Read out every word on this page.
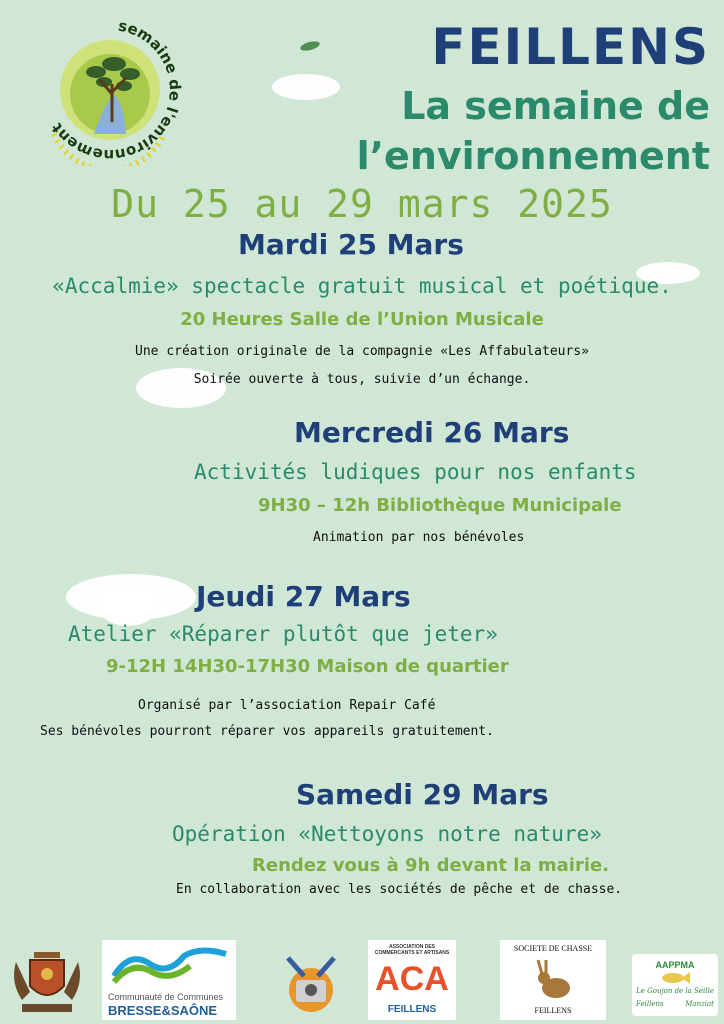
semaine de l'environnement
FEILLENS
La semaine de
l’environnement
Du 25 au 29 mars 2025
Mardi 25 Mars
«Accalmie» spectacle gratuit musical et poétique.
20 Heures Salle de l’Union Musicale
Une création originale de la compagnie «Les Affabulateurs»
Soirée ouverte à tous, suivie d’un échange.
Mercredi 26 Mars
Activités ludiques pour nos enfants
9H30 – 12h Bibliothèque Municipale
Animation par nos bénévoles
Jeudi 27 Mars
Atelier «Réparer plutôt que jeter»
9-12H 14H30-17H30 Maison de quartier
Organisé par l’association Repair Café
Ses bénévoles pourront réparer vos appareils gratuitement.
Samedi 29 Mars
Opération «Nettoyons notre nature»
Rendez vous à 9h devant la mairie.
En collaboration avec les sociétés de pêche et de chasse.
Communauté de Communes
BRESSE&SAÔNE
ASSOCIATION DES COMMERCANTS ET ARTISANS
ACA
FEILLENS
SOCIETE DE CHASSE
FEILLENS
AAPPMA
Le Goujon de la Seille
Feillens	Manziat
